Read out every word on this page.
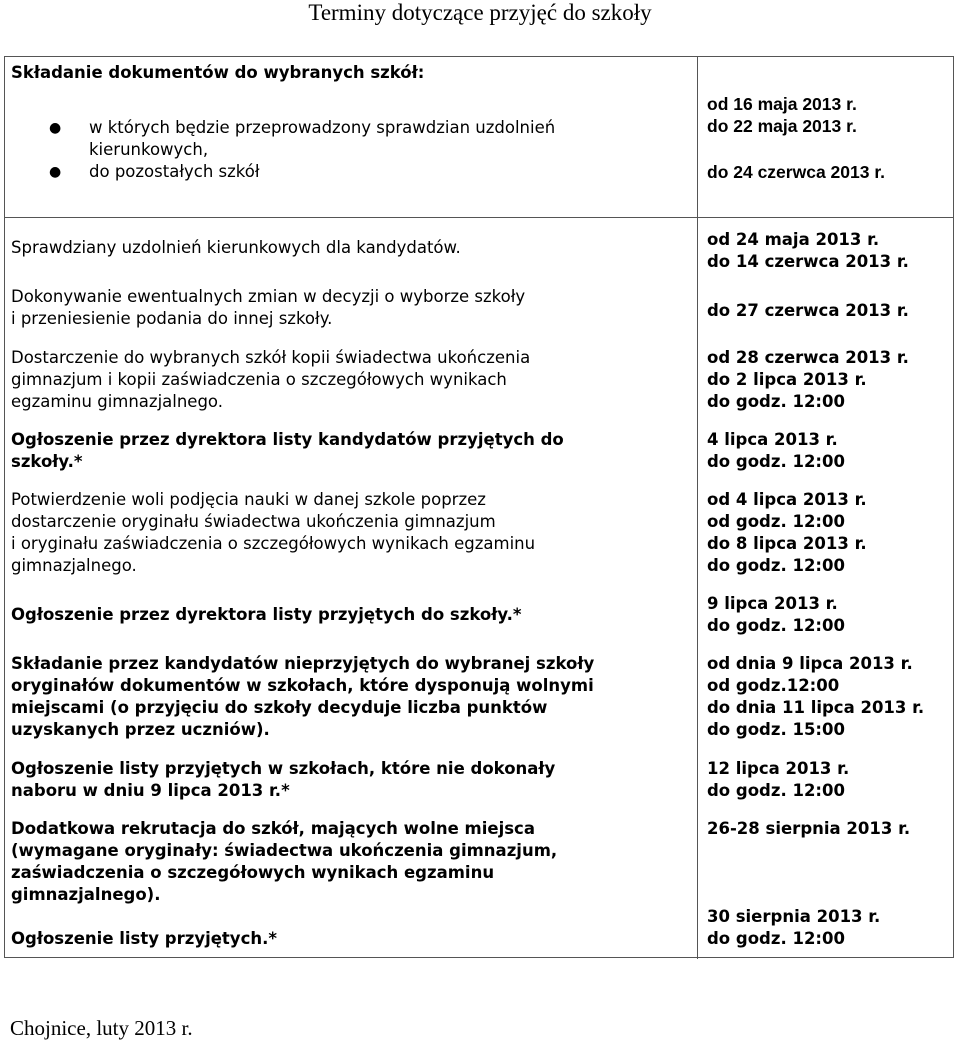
Terminy dotyczące przyjęć do szkoły
Składanie dokumentów do wybranych szkół:
● w których będzie przeprowadzony sprawdzian uzdolnień
kierunkowych,
● do pozostałych szkół
od 16 maja 2013 r.
do 22 maja 2013 r.
do 24 czerwca 2013 r.
Sprawdziany uzdolnień kierunkowych dla kandydatów.	od 24 maja 2013 r.
do 14 czerwca 2013 r.
Dokonywanie ewentualnych zmian w decyzji o wyborze szkoły
i przeniesienie podania do innej szkoły.	do 27 czerwca 2013 r.
Dostarczenie do wybranych szkół kopii świadectwa ukończenia
gimnazjum i kopii zaświadczenia o szczegółowych wynikach
egzaminu gimnazjalnego.
od 28 czerwca 2013 r.
do 2 lipca 2013 r.
do godz. 12:00
Ogłoszenie przez dyrektora listy kandydatów przyjętych do
szkoły.*
4 lipca 2013 r.
do godz. 12:00
Potwierdzenie woli podjęcia nauki w danej szkole poprzez
dostarczenie oryginału świadectwa ukończenia gimnazjum
i oryginału zaświadczenia o szczegółowych wynikach egzaminu
gimnazjalnego.
od 4 lipca 2013 r.
od godz. 12:00
do 8 lipca 2013 r.
do godz. 12:00
Ogłoszenie przez dyrektora listy przyjętych do szkoły.*
9 lipca 2013 r.
do godz. 12:00
Składanie przez kandydatów nieprzyjętych do wybranej szkoły
oryginałów dokumentów w szkołach, które dysponują wolnymi
miejscami (o przyjęciu do szkoły decyduje liczba punktów
uzyskanych przez uczniów).
od dnia 9 lipca 2013 r.
od godz.12:00
do dnia 11 lipca 2013 r.
do godz. 15:00
Ogłoszenie listy przyjętych w szkołach, które nie dokonały
naboru w dniu 9 lipca 2013 r.*
12 lipca 2013 r.
do godz. 12:00
Dodatkowa rekrutacja do szkół, mających wolne miejsca
(wymagane oryginały: świadectwa ukończenia gimnazjum,
zaświadczenia o szczegółowych wynikach egzaminu
gimnazjalnego).
26-28 sierpnia 2013 r.
Ogłoszenie listy przyjętych.*
30 sierpnia 2013 r.
do godz. 12:00
Chojnice, luty 2013 r.
